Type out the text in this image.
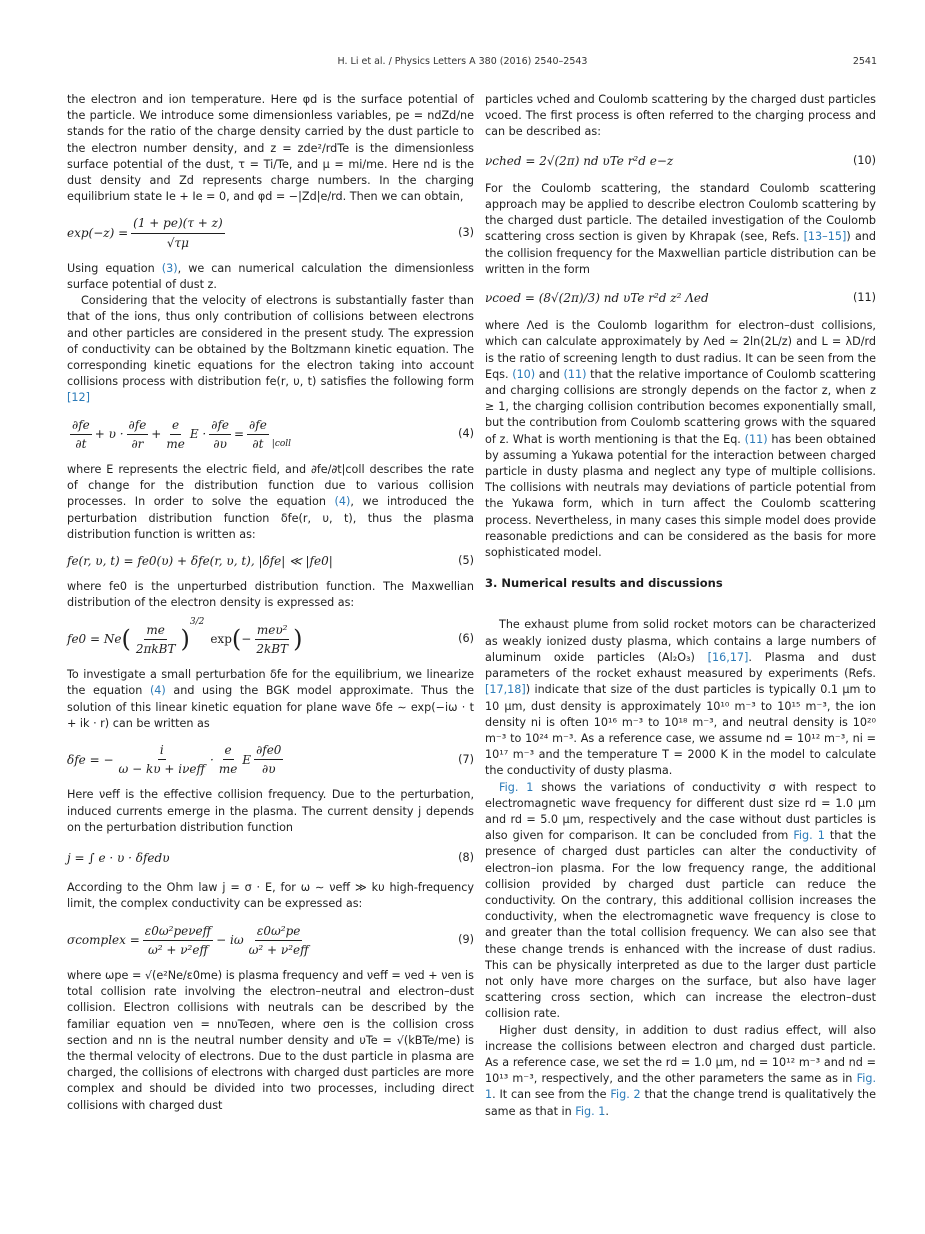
H. Li et al. / Physics Letters A 380 (2016) 2540–2543	2541

the electron and ion temperature. Here φd is the surface potential of the particle. We introduce some dimensionless variables, pe = ndZd/ne stands for the ratio of the charge density carried by the dust particle to the electron number density, and z = zde²/rdTe is the dimensionless surface potential of the dust, τ = Ti/Te, and μ = mi/me. Here nd is the dust density and Zd represents charge numbers. In the charging equilibrium state Ie + Ie = 0, and φd = −|Zd|e/rd. Then we can obtain,

$\exp(-z) = \frac{(1 + pe)(\tau + z)}{√\tau\mu}$	(3)

Using equation (3), we can numerical calculation the dimensionless surface potential of dust z.

Considering that the velocity of electrons is substantially faster than that of the ions, thus only contribution of collisions between electrons and other particles are considered in the present study. The expression of conductivity can be obtained by the Boltzmann kinetic equation. The corresponding kinetic equations for the electron taking into account collisions process with distribution fe(r, υ, t) satisfies the following form [12]

$\frac{\partial fe}{\partial t} + \upsilon \cdot \frac{\partial fe}{\partial r} + \frac{e}{me}$ $E \cdot \frac{\partial fe}{\partial\upsilon} = \frac{\partial fe}{\partial t}$ |coll
(4)

where E represents the electric field, and ∂fe/∂t|coll describes the rate of change for the distribution function due to various collision processes. In order to solve the equation (4), we introduced the perturbation distribution function δfe(r, υ, t), thus the plasma distribution function is written as:

fe(r, υ, t) = fe0(υ) + δfe(r, υ, t), |δfe| ≪ |fe0|	(5)

where fe0 is the unperturbed distribution function. The Maxwellian distribution of the electron density is expressed as:

fe0 = Ne ( $\frac{me}{\text{2πkBT}}$ )
3/2
exp ( − $\frac{\text{meυ²}}{\text{2kBT}}$ )	(6)

To investigate a small perturbation δfe for the equilibrium, we linearize the equation (4) and using the BGK model approximate. Thus the solution of this linear kinetic equation for plane wave δfe ∼ exp(−iω · t + ik · r) can be written as

δfe = − $\frac{i}{\text{ω − kυ + iνeff}} \cdot \frac{e}{me}$ E $\frac{\partial fe0}{\partial\upsilon}$	(7)

Here νeff is the effective collision frequency. Due to the perturbation, induced currents emerge in the plasma. The current density j depends on the perturbation distribution function

j = ∫ e · υ · δfedυ	(8)

According to the Ohm law j = σ · E, for ω ∼ νeff ≫ kυ high-frequency limit, the complex conductivity can be expressed as:

σcomplex = $\frac{\text{ε0ω²peνeff}}{\text{ω² + ν²eff}} - i\omega \frac{\text{ε0ω²pe}}{\text{ω² + ν²eff}}$	(9)

where ωpe = √(e²Ne/ε0me) is plasma frequency and νeff = νed + νen is total collision rate involving the electron–neutral and electron–dust collision. Electron collisions with neutrals can be described by the familiar equation νen = nnυTeσen, where σen is the collision cross section and nn is the neutral number density and υTe = √(kBTe/me) is the thermal velocity of electrons. Due to the dust particle in plasma are charged, the collisions of electrons with charged dust particles are more complex and should be divided into two processes, including direct collisions with charged dust

particles νched and Coulomb scattering by the charged dust particles νcoed. The first process is often referred to the charging process and can be described as:

νched = 2√(2π) nd υTe r²d e−z	(10)

For the Coulomb scattering, the standard Coulomb scattering approach may be applied to describe electron Coulomb scattering by the charged dust particle. The detailed investigation of the Coulomb scattering cross section is given by Khrapak (see, Refs. [13–15]) and the collision frequency for the Maxwellian particle distribution can be written in the form

νcoed = (8√(2π)/3) nd υTe r²d z² Λed	(11)

where Λed is the Coulomb logarithm for electron–dust collisions, which can calculate approximately by Λed ≃ 2ln(2L/z) and L = λD/rd is the ratio of screening length to dust radius. It can be seen from the Eqs. (10) and (11) that the relative importance of Coulomb scattering and charging collisions are strongly depends on the factor z, when z ≥ 1, the charging collision contribution becomes exponentially small, but the contribution from Coulomb scattering grows with the squared of z. What is worth mentioning is that the Eq. (11) has been obtained by assuming a Yukawa potential for the interaction between charged particle in dusty plasma and neglect any type of multiple collisions. The collisions with neutrals may deviations of particle potential from the Yukawa form, which in turn affect the Coulomb scattering process. Nevertheless, in many cases this simple model does provide reasonable predictions and can be considered as the basis for more sophisticated model.

3. Numerical results and discussions

The exhaust plume from solid rocket motors can be characterized as weakly ionized dusty plasma, which contains a large numbers of aluminum oxide particles (Al₂O₃) [16,17]. Plasma and dust parameters of the rocket exhaust measured by experiments (Refs. [17,18]) indicate that size of the dust particles is typically 0.1 μm to 10 μm, dust density is approximately 10¹⁰ m⁻³ to 10¹⁵ m⁻³, the ion density ni is often 10¹⁶ m⁻³ to 10¹⁸ m⁻³, and neutral density is 10²⁰ m⁻³ to 10²⁴ m⁻³. As a reference case, we assume nd = 10¹² m⁻³, ni = 10¹⁷ m⁻³ and the temperature T = 2000 K in the model to calculate the conductivity of dusty plasma.

Fig. 1 shows the variations of conductivity σ with respect to electromagnetic wave frequency for different dust size rd = 1.0 μm and rd = 5.0 μm, respectively and the case without dust particles is also given for comparison. It can be concluded from Fig. 1 that the presence of charged dust particles can alter the conductivity of electron–ion plasma. For the low frequency range, the additional collision provided by charged dust particle can reduce the conductivity. On the contrary, this additional collision increases the conductivity, when the electromagnetic wave frequency is close to and greater than the total collision frequency. We can also see that these change trends is enhanced with the increase of dust radius. This can be physically interpreted as due to the larger dust particle not only have more charges on the surface, but also have lager scattering cross section, which can increase the electron–dust collision rate.

Higher dust density, in addition to dust radius effect, will also increase the collisions between electron and charged dust particle. As a reference case, we set the rd = 1.0 μm, nd = 10¹² m⁻³ and nd = 10¹³ m⁻³, respectively, and the other parameters the same as in Fig. 1. It can see from the Fig. 2 that the change trend is qualitatively the same as that in Fig. 1.
